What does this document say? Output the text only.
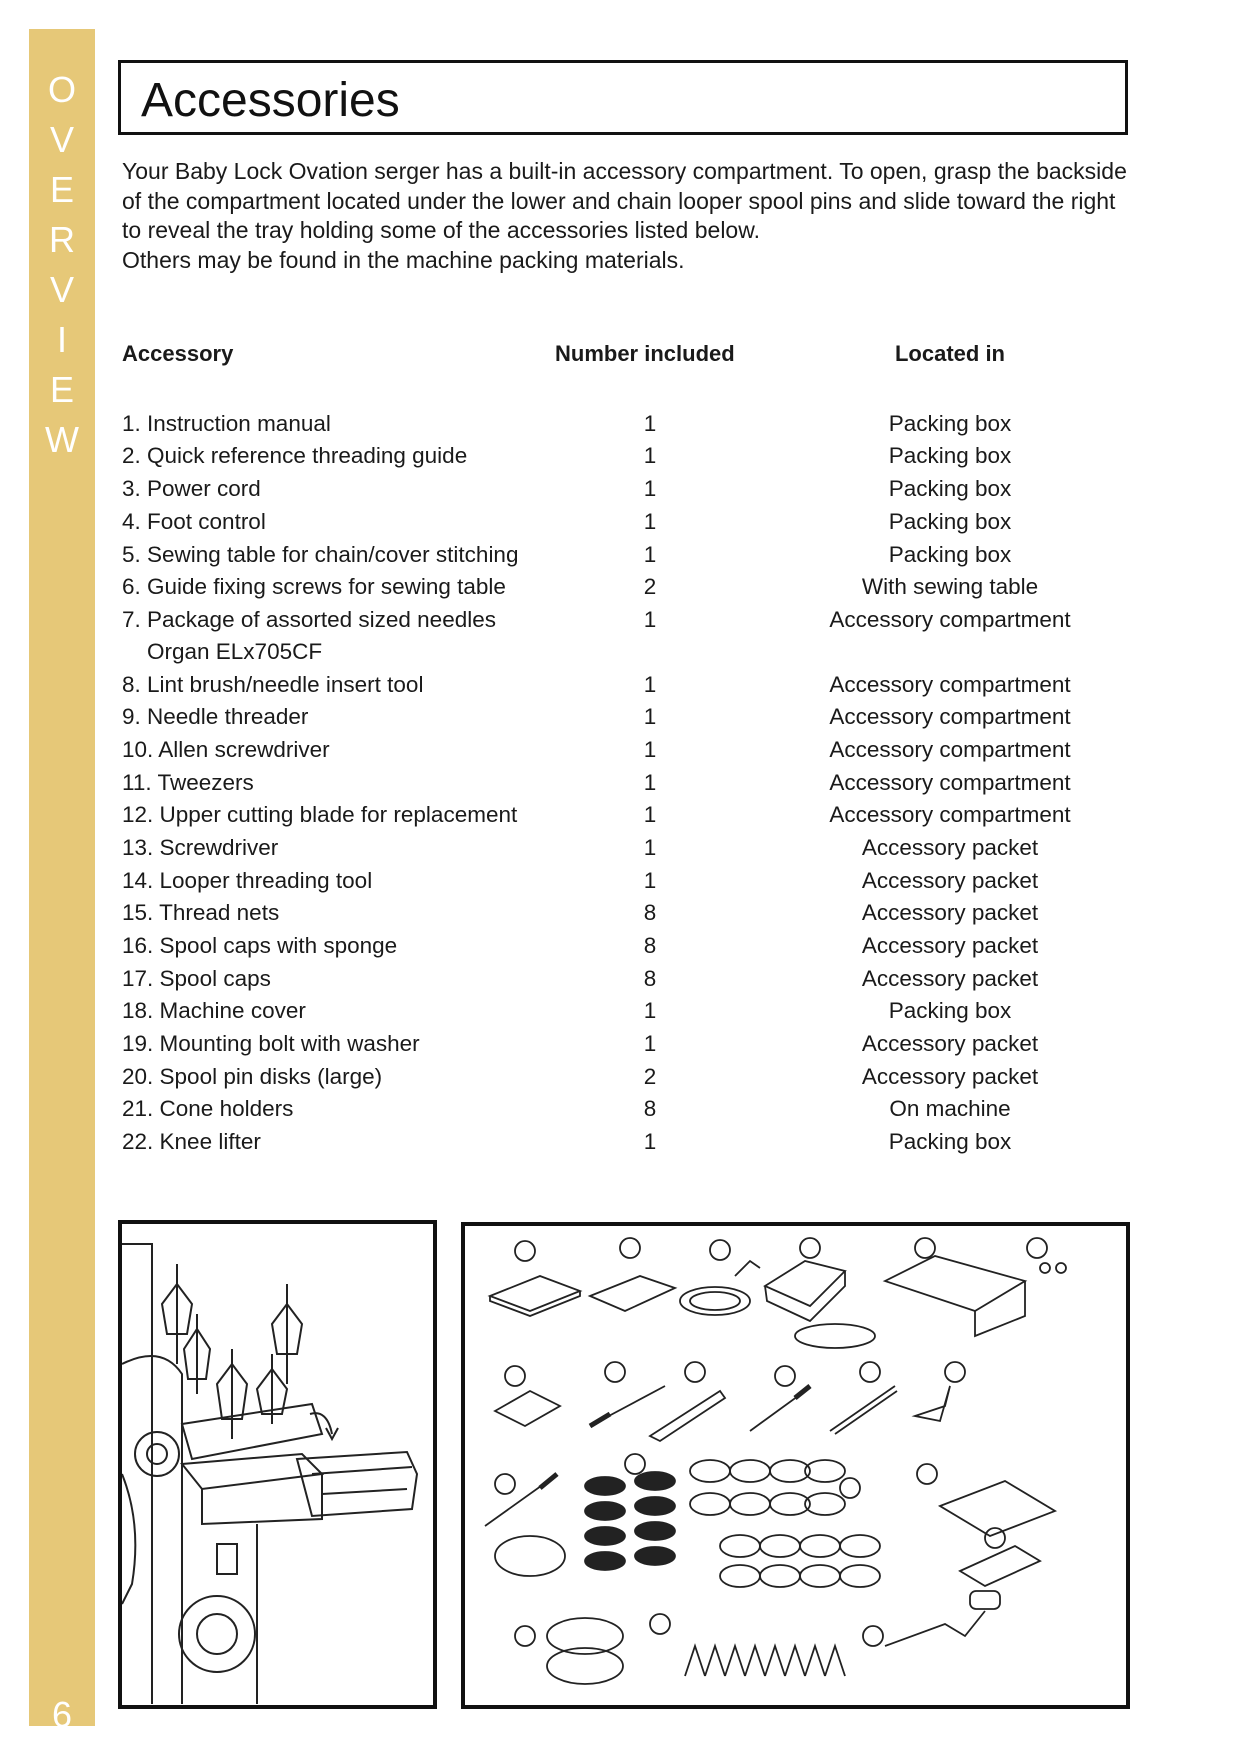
O
V
E
R
V
I
E
W
6
Accessories

Your Baby Lock Ovation serger has a built-in accessory compartment. To open, grasp the backside of the compartment located under the lower and chain looper spool pins and slide toward the right to reveal the tray holding some of the accessories listed below.

Others may be found in the machine packing materials.

Accessory	Number included	Located in
1. Instruction manual	1	Packing box
2. Quick reference threading guide	1	Packing box
3. Power cord	1	Packing box
4. Foot control	1	Packing box
5. Sewing table for chain/cover stitching	1	Packing box
6. Guide fixing screws for sewing table	2	With sewing table
7. Package of assorted sized needles	1	Accessory compartment
Organ ELx705CF
8. Lint brush/needle insert tool	1	Accessory compartment
9. Needle threader	1	Accessory compartment
10. Allen screwdriver	1	Accessory compartment
11. Tweezers	1	Accessory compartment
12. Upper cutting blade for replacement	1	Accessory compartment
13. Screwdriver	1	Accessory packet
14. Looper threading tool	1	Accessory packet
15. Thread nets	8	Accessory packet
16. Spool caps with sponge	8	Accessory packet
17. Spool caps	8	Accessory packet
18. Machine cover	1	Packing box
19. Mounting bolt with washer	1	Accessory packet
20. Spool pin disks (large)	2	Accessory packet
21. Cone holders	8	On machine
22. Knee lifter	1	Packing box
